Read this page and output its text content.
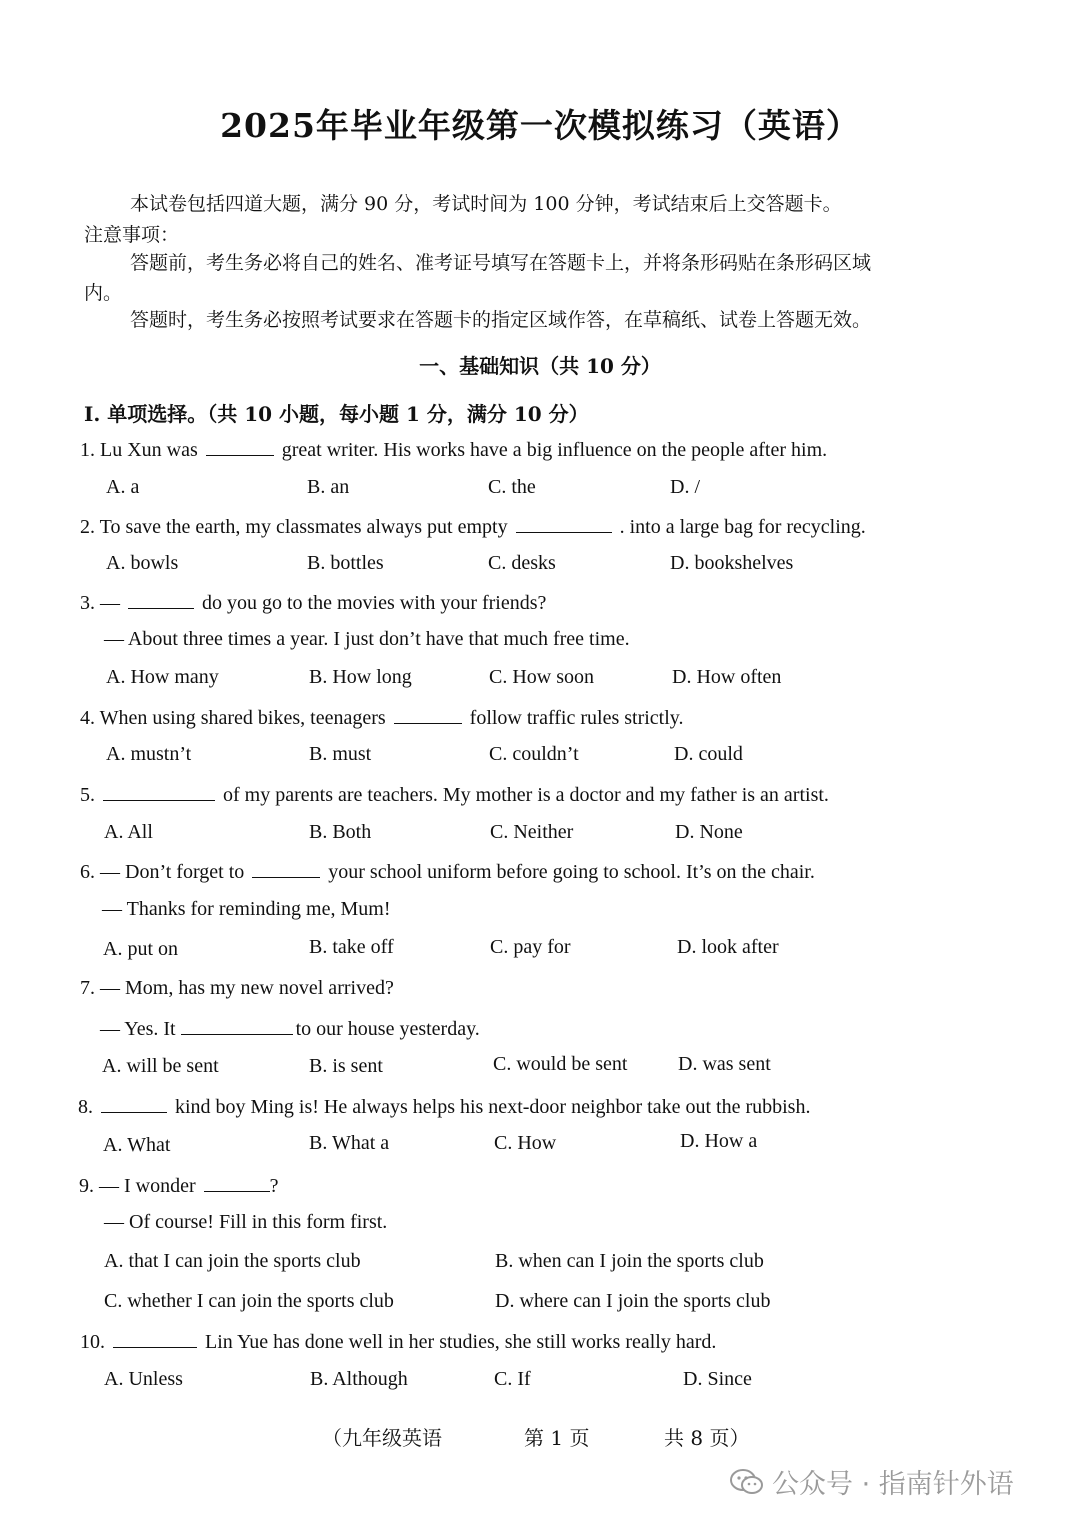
2025年毕业年级第一次模拟练习（英语）
本试卷包括四道大题，满分 90 分，考试时间为 100 分钟，考试结束后上交答题卡。
注意事项：
答题前，考生务必将自己的姓名、准考证号填写在答题卡上，并将条形码贴在条形码区域
内。
答题时，考生务必按照考试要求在答题卡的指定区域作答，在草稿纸、试卷上答题无效。
一、基础知识（共 10 分）
I. 单项选择。（共 10 小题，每小题 1 分，满分 10 分）
1. Lu Xun was	great writer. His works have a big influence on the people after him.
A. a	B. an	C. the	D. /
2. To save the earth, my classmates always put empty	. into a large bag for recycling.
A. bowls	B. bottles	C. desks	D. bookshelves
3. —	do you go to the movies with your friends?
— About three times a year. I just don’t have that much free time.
A. How many	B. How long	C. How soon	D. How often
4. When using shared bikes, teenagers	follow traffic rules strictly.
A. mustn’t	B. must	C. couldn’t	D. could
5.	of my parents are teachers. My mother is a doctor and my father is an artist.
A. All	B. Both	C. Neither	D. None
6. — Don’t forget to	your school uniform before going to school. It’s on the chair.
— Thanks for reminding me, Mum!
A. put on	B. take off	C. pay for	D. look after
7. — Mom, has my new novel arrived?
— Yes. It	to our house yesterday.
A. will be sent	B. is sent	C. would be sent	D. was sent
8.	kind boy Ming is! He always helps his next-door neighbor take out the rubbish.
A. What	B. What a	C. How	D. How a
9. — I wonder	?
— Of course! Fill in this form first.
A. that I can join the sports club	B. when can I join the sports club
C. whether I can join the sports club	D. where can I join the sports club
10.	Lin Yue has done well in her studies, she still works really hard.
A. Unless	B. Although	C. If	D. Since
（九年级英语	第 1 页	共 8 页）
公众号 · 指南针外语
